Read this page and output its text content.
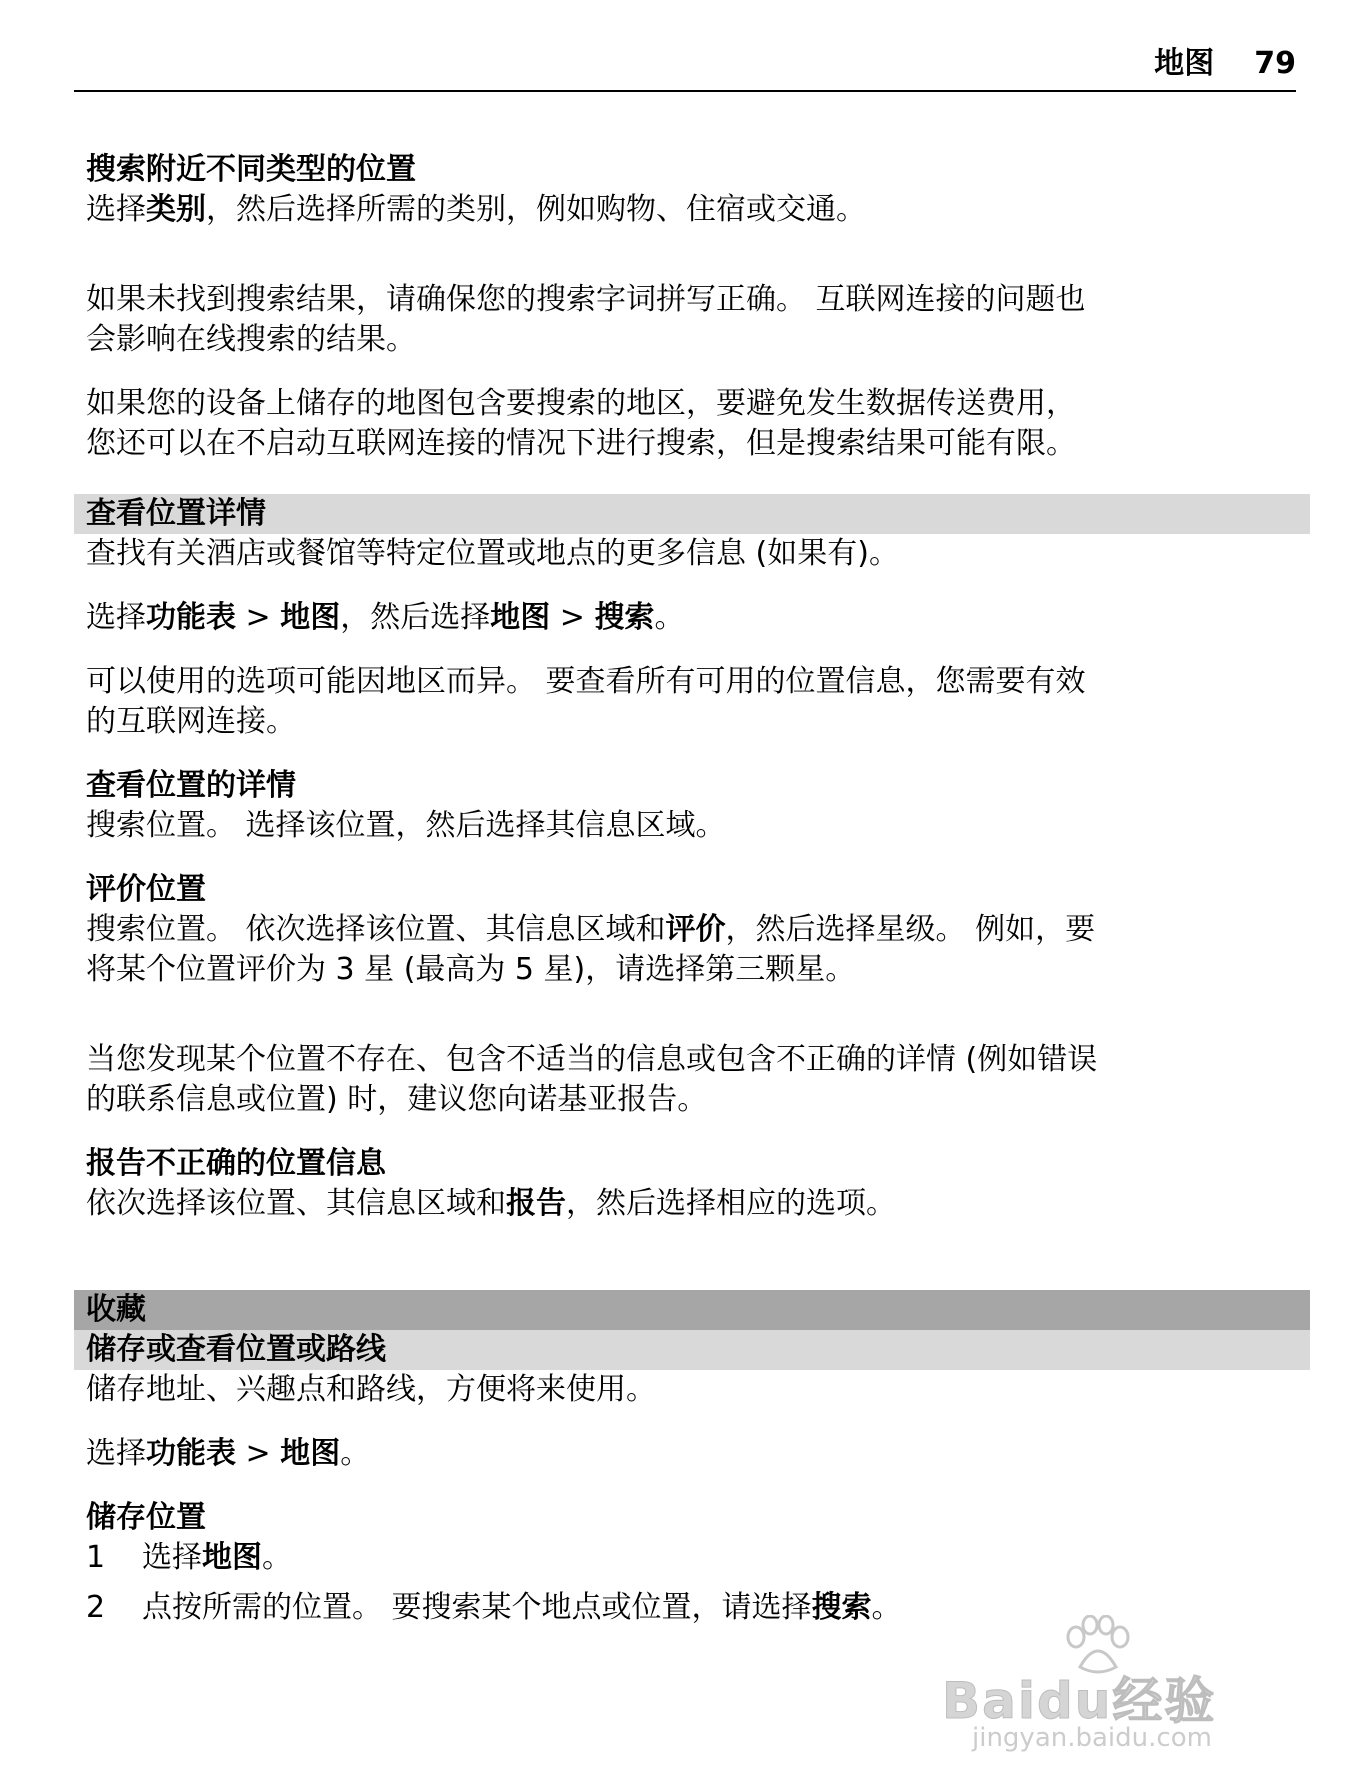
地图 79

搜索附近不同类型的位置

选择类别，然后选择所需的类别，例如购物、住宿或交通。

如果未找到搜索结果，请确保您的搜索字词拼写正确。 互联网连接的问题也

会影响在线搜索的结果。

如果您的设备上储存的地图包含要搜索的地区，要避免发生数据传送费用，

您还可以在不启动互联网连接的情况下进行搜索，但是搜索结果可能有限。

查看位置详情

查找有关酒店或餐馆等特定位置或地点的更多信息 (如果有)。

选择功能表 > 地图，然后选择地图 > 搜索。

可以使用的选项可能因地区而异。 要查看所有可用的位置信息，您需要有效

的互联网连接。

查看位置的详情

搜索位置。 选择该位置，然后选择其信息区域。

评价位置

搜索位置。 依次选择该位置、其信息区域和评价，然后选择星级。 例如，要

将某个位置评价为 3 星 (最高为 5 星)，请选择第三颗星。

当您发现某个位置不存在、包含不适当的信息或包含不正确的详情 (例如错误

的联系信息或位置) 时，建议您向诺基亚报告。

报告不正确的位置信息

依次选择该位置、其信息区域和报告，然后选择相应的选项。

收藏
储存或查看位置或路线

储存地址、兴趣点和路线，方便将来使用。

选择功能表 > 地图。

储存位置

1	选择地图。
2	点按所需的位置。 要搜索某个地点或位置，请选择搜索。
Baidu经验
jingyan.baidu.com
